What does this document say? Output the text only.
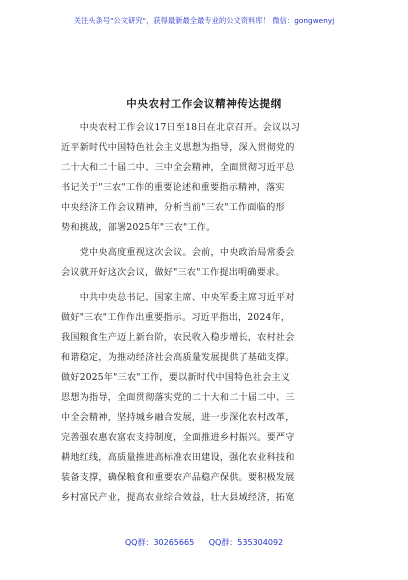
关注头条号"公文研究"，获得最新最全最专业的公文资料库！ 微信：gongwenyj
中央农村工作会议精神传达提纲
　　中央农村工作会议17日至18日在北京召开。会议以习
近平新时代中国特色社会主义思想为指导，深入贯彻党的
二十大和二十届二中、三中全会精神，全面贯彻习近平总
书记关于"三农"工作的重要论述和重要指示精神，落实
中央经济工作会议精神，分析当前"三农"工作面临的形
势和挑战，部署2025年"三农"工作。
　　党中央高度重视这次会议。会前，中央政治局常委会
会议就开好这次会议，做好"三农"工作提出明确要求。
　　中共中央总书记、国家主席、中央军委主席习近平对
做好"三农"工作作出重要指示。习近平指出，2024年，
我国粮食生产迈上新台阶，农民收入稳步增长，农村社会
和谐稳定，为推动经济社会高质量发展提供了基础支撑。
做好2025年"三农"工作，要以新时代中国特色社会主义
思想为指导，全面贯彻落实党的二十大和二十届二中、三
中全会精神，坚持城乡融合发展，进一步深化农村改革，
完善强农惠农富农支持制度，全面推进乡村振兴。要严守
耕地红线，高质量推进高标准农田建设，强化农业科技和
装备支撑，确保粮食和重要农产品稳产保供。要积极发展
乡村富民产业，提高农业综合效益，壮大县域经济，拓宽
QQ群：30265665 QQ群：535304092
